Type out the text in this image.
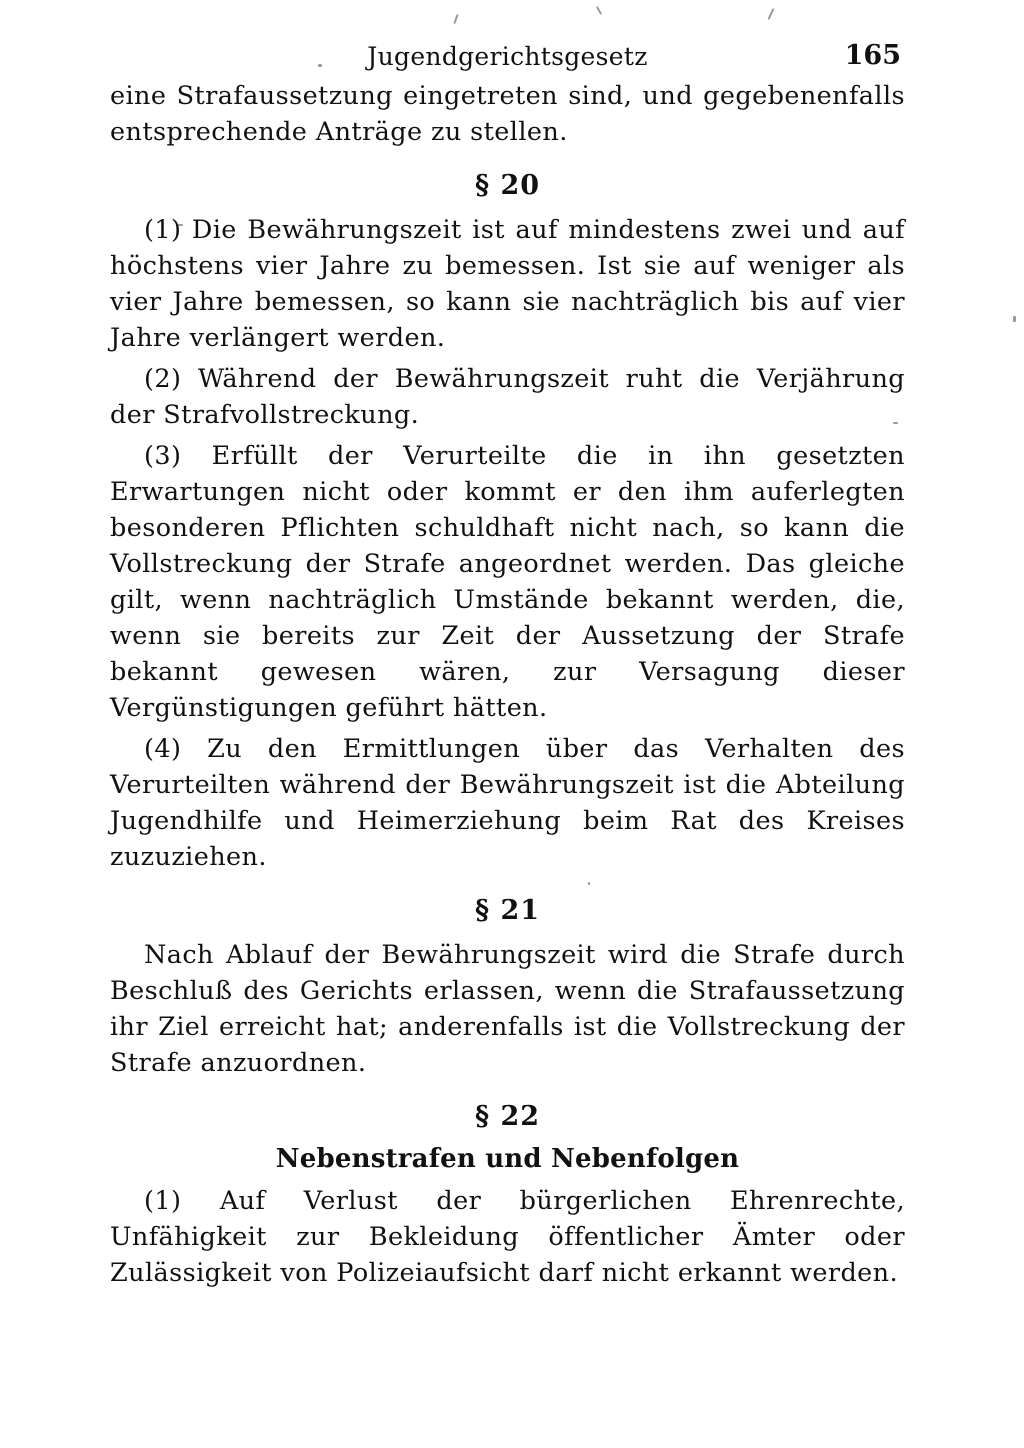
Jugendgerichtsgesetz	165

eine Strafaussetzung eingetreten sind, und gegebenenfalls entsprechende Anträge zu stellen.

§ 20

(1) Die Bewährungszeit ist auf mindestens zwei und auf höchstens vier Jahre zu bemessen. Ist sie auf weniger als vier Jahre bemessen, so kann sie nachträglich bis auf vier Jahre verlängert werden.

(2) Während der Bewährungszeit ruht die Verjährung der Strafvollstreckung.

(3) Erfüllt der Verurteilte die in ihn gesetzten Erwartungen nicht oder kommt er den ihm auferlegten besonderen Pflichten schuldhaft nicht nach, so kann die Vollstreckung der Strafe angeordnet werden. Das gleiche gilt, wenn nachträglich Umstände bekannt werden, die, wenn sie bereits zur Zeit der Aussetzung der Strafe bekannt gewesen wären, zur Versagung dieser Vergünstigungen geführt hätten.

(4) Zu den Ermittlungen über das Verhalten des Verurteilten während der Bewährungszeit ist die Abteilung Jugendhilfe und Heimerziehung beim Rat des Kreises zuzuziehen.

§ 21

Nach Ablauf der Bewährungszeit wird die Strafe durch Beschluß des Gerichts erlassen, wenn die Strafaussetzung ihr Ziel erreicht hat; anderenfalls ist die Vollstreckung der Strafe anzuordnen.

§ 22
Nebenstrafen und Nebenfolgen

(1) Auf Verlust der bürgerlichen Ehrenrechte, Unfähigkeit zur Bekleidung öffentlicher Ämter oder Zulässigkeit von Polizeiaufsicht darf nicht erkannt werden.
